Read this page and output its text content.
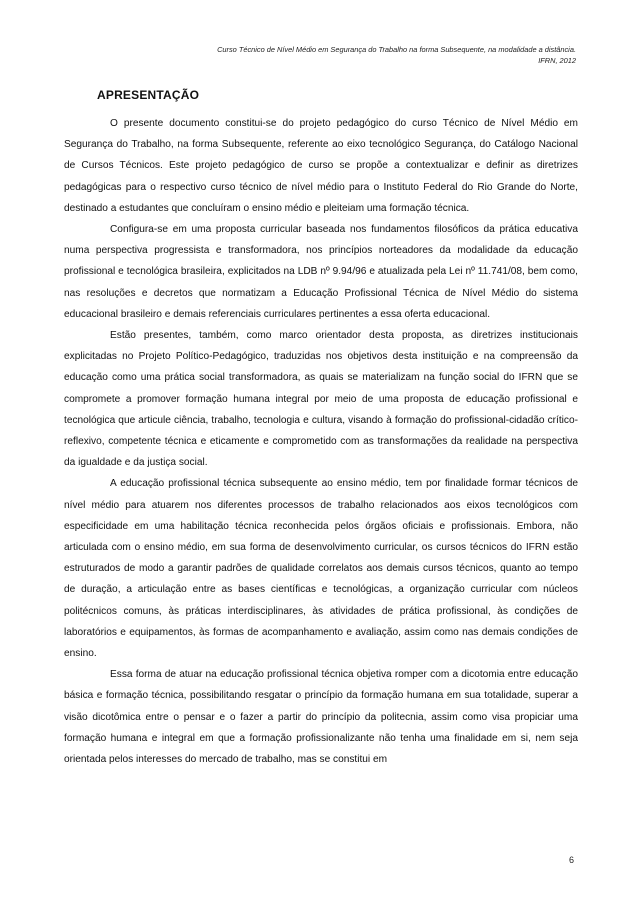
Curso Técnico de Nível Médio em Segurança do Trabalho na forma Subsequente, na modalidade a distância.
IFRN, 2012
APRESENTAÇÃO

O presente documento constitui-se do projeto pedagógico do curso Técnico de Nível Médio em Segurança do Trabalho, na forma Subsequente, referente ao eixo tecnológico Segurança, do Catálogo Nacional de Cursos Técnicos. Este projeto pedagógico de curso se propõe a contextualizar e definir as diretrizes pedagógicas para o respectivo curso técnico de nível médio para o Instituto Federal do Rio Grande do Norte, destinado a estudantes que concluíram o ensino médio e pleiteiam uma formação técnica.

Configura-se em uma proposta curricular baseada nos fundamentos filosóficos da prática educativa numa perspectiva progressista e transformadora, nos princípios norteadores da modalidade da educação profissional e tecnológica brasileira, explicitados na LDB nº 9.94/96 e atualizada pela Lei nº 11.741/08, bem como, nas resoluções e decretos que normatizam a Educação Profissional Técnica de Nível Médio do sistema educacional brasileiro e demais referenciais curriculares pertinentes a essa oferta educacional.

Estão presentes, também, como marco orientador desta proposta, as diretrizes institucionais explicitadas no Projeto Político-Pedagógico, traduzidas nos objetivos desta instituição e na compreensão da educação como uma prática social transformadora, as quais se materializam na função social do IFRN que se compromete a promover formação humana integral por meio de uma proposta de educação profissional e tecnológica que articule ciência, trabalho, tecnologia e cultura, visando à formação do profissional-cidadão crítico-reflexivo, competente técnica e eticamente e comprometido com as transformações da realidade na perspectiva da igualdade e da justiça social.

A educação profissional técnica subsequente ao ensino médio, tem por finalidade formar técnicos de nível médio para atuarem nos diferentes processos de trabalho relacionados aos eixos tecnológicos com especificidade em uma habilitação técnica reconhecida pelos órgãos oficiais e profissionais. Embora, não articulada com o ensino médio, em sua forma de desenvolvimento curricular, os cursos técnicos do IFRN estão estruturados de modo a garantir padrões de qualidade correlatos aos demais cursos técnicos, quanto ao tempo de duração, a articulação entre as bases científicas e tecnológicas, a organização curricular com núcleos politécnicos comuns, às práticas interdisciplinares, às atividades de prática profissional, às condições de laboratórios e equipamentos, às formas de acompanhamento e avaliação, assim como nas demais condições de ensino.

Essa forma de atuar na educação profissional técnica objetiva romper com a dicotomia entre educação básica e formação técnica, possibilitando resgatar o princípio da formação humana em sua totalidade, superar a visão dicotômica entre o pensar e o fazer a partir do princípio da politecnia, assim como visa propiciar uma formação humana e integral em que a formação profissionalizante não tenha uma finalidade em si, nem seja orientada pelos interesses do mercado de trabalho, mas se constitui em

6
